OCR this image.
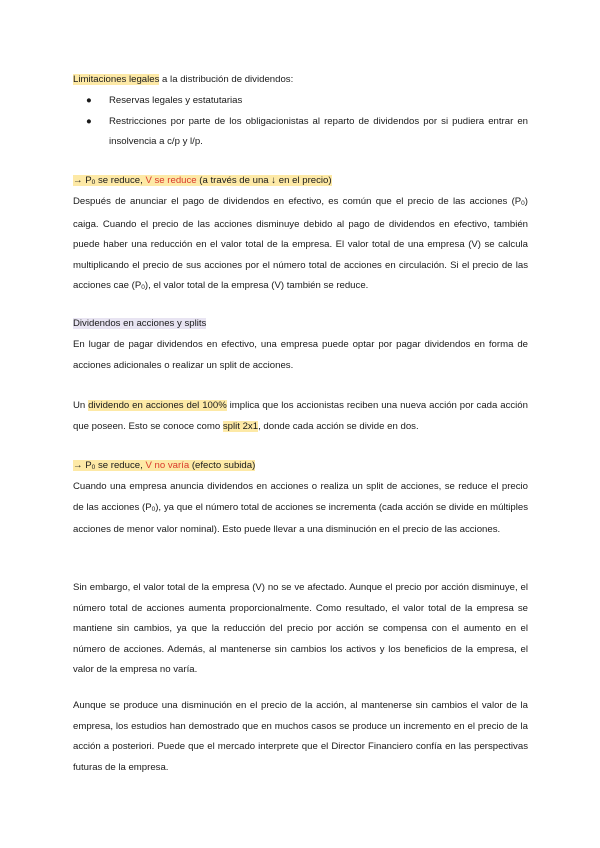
Limitaciones legales a la distribución de dividendos:
● Reservas legales y estatutarias
● Restricciones por parte de los obligacionistas al reparto de dividendos por si pudiera entrar en insolvencia a c/p y l/p.
→ $P_0$ se reduce, V se reduce (a través de una ↓ en el precio)
Después de anunciar el pago de dividendos en efectivo, es común que el precio de las acciones $(P_0)$ caiga. Cuando el precio de las acciones disminuye debido al pago de dividendos en efectivo, también puede haber una reducción en el valor total de la empresa. El valor total de una empresa (V) se calcula multiplicando el precio de sus acciones por el número total de acciones en circulación. Si el precio de las acciones cae $(P_0)$, el valor total de la empresa (V) también se reduce.
Dividendos en acciones y splits
En lugar de pagar dividendos en efectivo, una empresa puede optar por pagar dividendos en forma de acciones adicionales o realizar un split de acciones.
Un dividendo en acciones del 100% implica que los accionistas reciben una nueva acción por cada acción que poseen. Esto se conoce como split 2x1, donde cada acción se divide en dos.
→ $P_0$ se reduce, V no varía (efecto subida)
Cuando una empresa anuncia dividendos en acciones o realiza un split de acciones, se reduce el precio de las acciones $(P_0)$, ya que el número total de acciones se incrementa (cada acción se divide en múltiples acciones de menor valor nominal). Esto puede llevar a una disminución en el precio de las acciones.
Sin embargo, el valor total de la empresa (V) no se ve afectado. Aunque el precio por acción disminuye, el número total de acciones aumenta proporcionalmente. Como resultado, el valor total de la empresa se mantiene sin cambios, ya que la reducción del precio por acción se compensa con el aumento en el número de acciones. Además, al mantenerse sin cambios los activos y los beneficios de la empresa, el valor de la empresa no varía.
Aunque se produce una disminución en el precio de la acción, al mantenerse sin cambios el valor de la empresa, los estudios han demostrado que en muchos casos se produce un incremento en el precio de la acción a posteriori. Puede que el mercado interprete que el Director Financiero confía en las perspectivas futuras de la empresa.
